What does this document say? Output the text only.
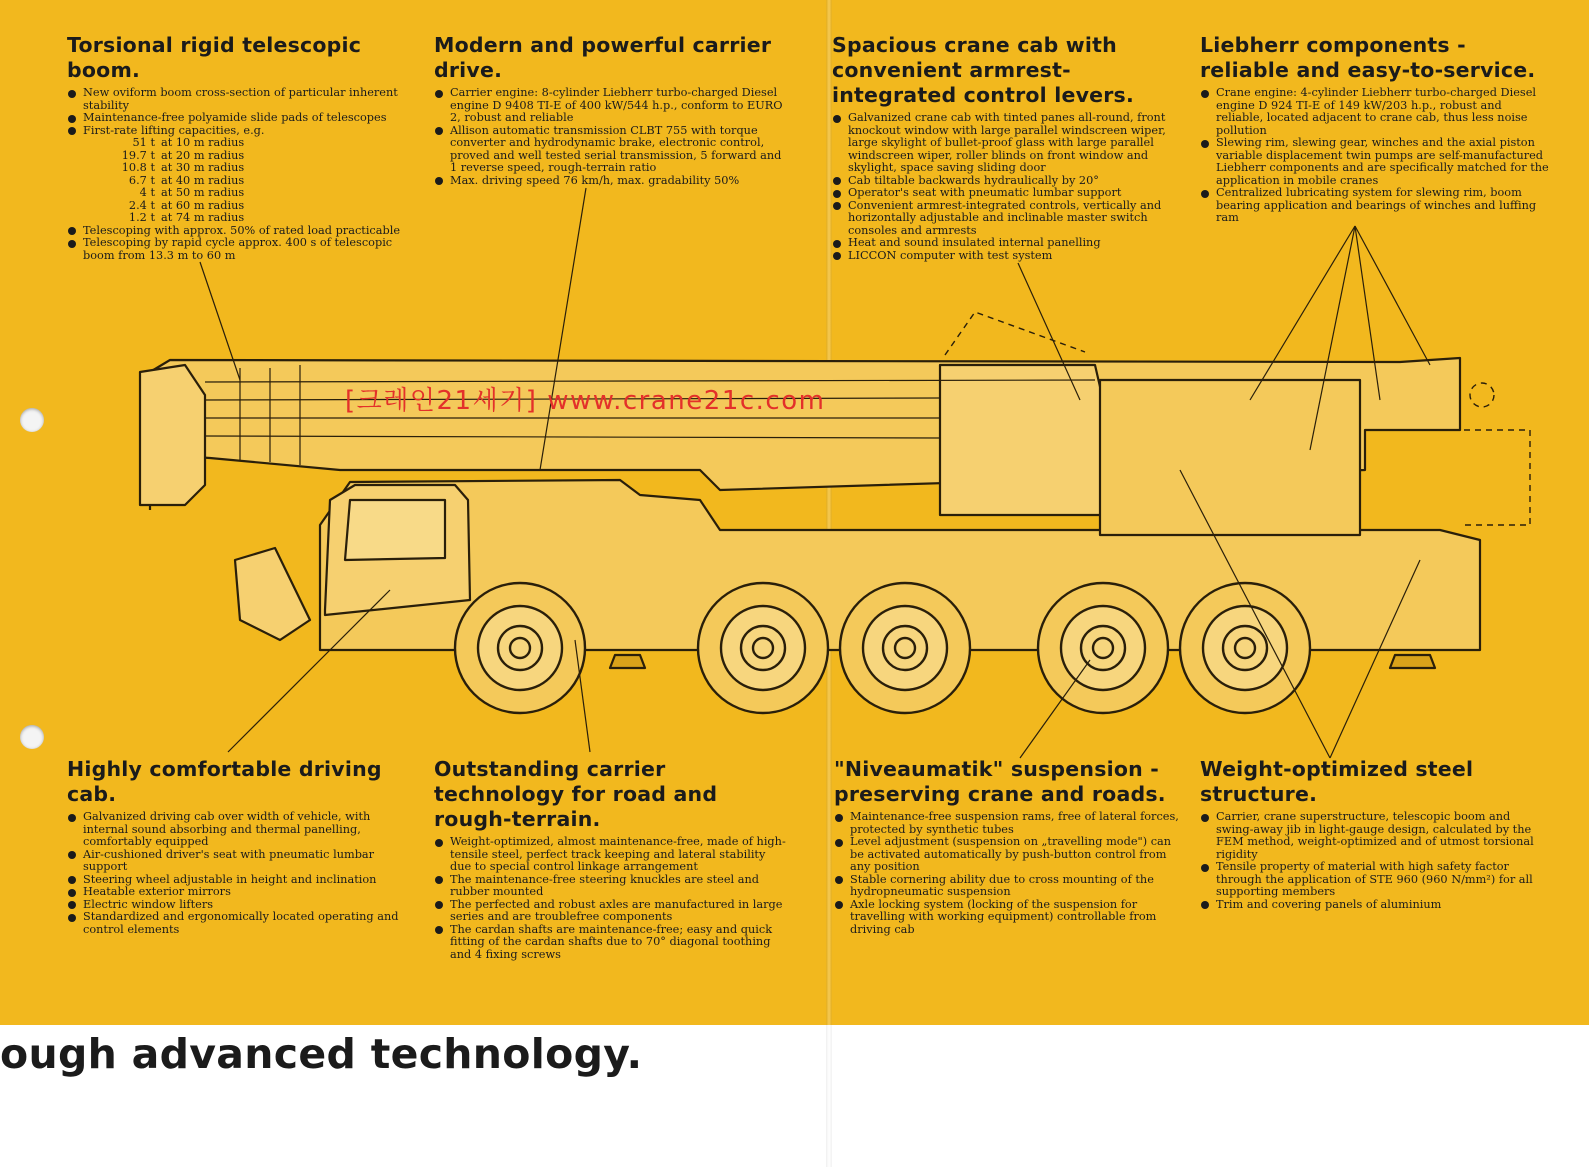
[크레인21세기] www.crane21c.com
Torsional rigid telescopic boom.
New oviform boom cross-section of particular inherent stability
Maintenance-free polyamide slide pads of telescopes
First-rate lifting capacities, e.g.
51 t at 10 m radius
19.7 t at 20 m radius
10.8 t at 30 m radius
6.7 t at 40 m radius
4 t at 50 m radius
2.4 t at 60 m radius
1.2 t at 74 m radius
Telescoping with approx. 50% of rated load practicable
Telescoping by rapid cycle approx. 400 s of telescopic boom from 13.3 m to 60 m
Modern and powerful carrier drive.
Carrier engine: 8-cylinder Liebherr turbo-charged Diesel engine D 9408 TI-E of 400 kW/544 h.p., conform to EURO 2, robust and reliable
Allison automatic transmission CLBT 755 with torque converter and hydrodynamic brake, electronic control, proved and well tested serial transmission, 5 forward and 1 reverse speed, rough-terrain ratio
Max. driving speed 76 km/h, max. gradability 50%
Spacious crane cab with convenient armrest-integrated control levers.
Galvanized crane cab with tinted panes all-round, front knockout window with large parallel windscreen wiper, large skylight of bullet-proof glass with large parallel windscreen wiper, roller blinds on front window and skylight, space saving sliding door
Cab tiltable backwards hydraulically by 20°
Operator's seat with pneumatic lumbar support
Convenient armrest-integrated controls, vertically and horizontally adjustable and inclinable master switch consoles and armrests
Heat and sound insulated internal panelling
LICCON computer with test system
Liebherr components - reliable and easy-to-service.
Crane engine: 4-cylinder Liebherr turbo-charged Diesel engine D 924 TI-E of 149 kW/203 h.p., robust and reliable, located adjacent to crane cab, thus less noise pollution
Slewing rim, slewing gear, winches and the axial piston variable displacement twin pumps are self-manufactured Liebherr components and are specifically matched for the application in mobile cranes
Centralized lubricating system for slewing rim, boom bearing application and bearings of winches and luffing ram
Highly comfortable driving cab.
Galvanized driving cab over width of vehicle, with internal sound absorbing and thermal panelling, comfortably equipped
Air-cushioned driver's seat with pneumatic lumbar support
Steering wheel adjustable in height and inclination
Heatable exterior mirrors
Electric window lifters
Standardized and ergonomically located operating and control elements
Outstanding carrier technology for road and rough-terrain.
Weight-optimized, almost maintenance-free, made of high-tensile steel, perfect track keeping and lateral stability due to special control linkage arrangement
The maintenance-free steering knuckles are steel and rubber mounted
The perfected and robust axles are manufactured in large series and are troublefree components
The cardan shafts are maintenance-free; easy and quick fitting of the cardan shafts due to 70° diagonal toothing and 4 fixing screws
"Niveaumatik" suspension - preserving crane and roads.
Maintenance-free suspension rams, free of lateral forces, protected by synthetic tubes
Level adjustment (suspension on „travelling mode") can be activated automatically by push-button control from any position
Stable cornering ability due to cross mounting of the hydropneumatic suspension
Axle locking system (locking of the suspension for travelling with working equipment) controllable from driving cab
Weight-optimized steel structure.
Carrier, crane superstructure, telescopic boom and swing-away jib in light-gauge design, calculated by the FEM method, weight-optimized and of utmost torsional rigidity
Tensile property of material with high safety factor through the application of STE 960 (960 N/mm²) for all supporting members
Trim and covering panels of aluminium
ough advanced technology.
